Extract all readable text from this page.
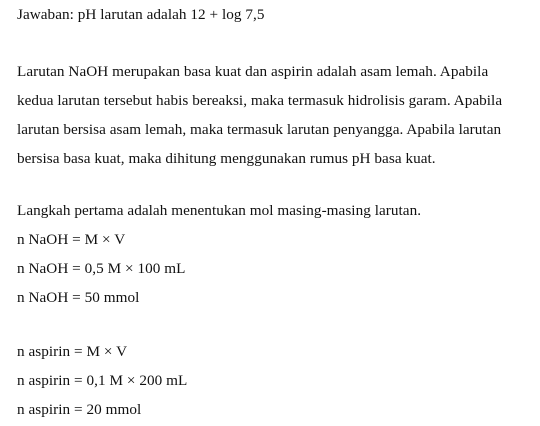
Jawaban: pH larutan adalah 12 + log 7,5
Larutan NaOH merupakan basa kuat dan aspirin adalah asam lemah. Apabila
kedua larutan tersebut habis bereaksi, maka termasuk hidrolisis garam. Apabila
larutan bersisa asam lemah, maka termasuk larutan penyangga. Apabila larutan
bersisa basa kuat, maka dihitung menggunakan rumus pH basa kuat.
Langkah pertama adalah menentukan mol masing-masing larutan.
n NaOH = M × V
n NaOH = 0,5 M × 100 mL
n NaOH = 50 mmol
n aspirin = M × V
n aspirin = 0,1 M × 200 mL
n aspirin = 20 mmol
